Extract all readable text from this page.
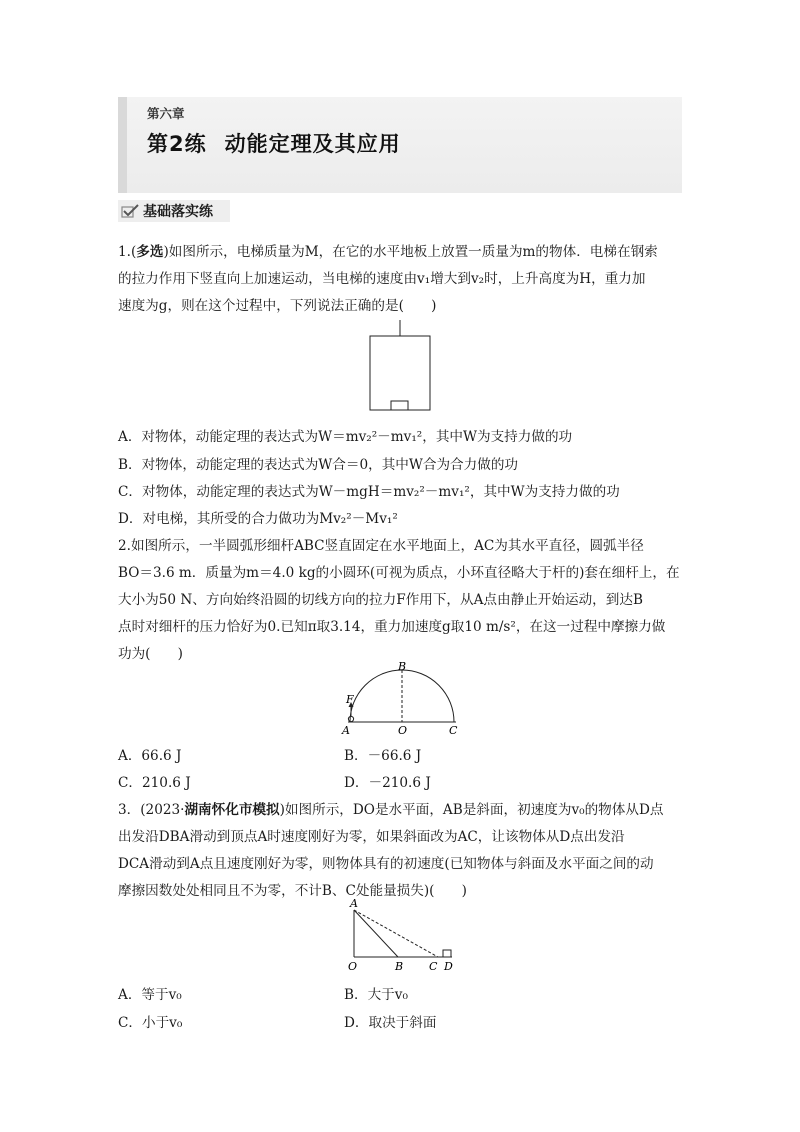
第六章
第2练 动能定理及其应用
基础落实练
1.(多选)如图所示，电梯质量为M，在它的水平地板上放置一质量为m的物体．电梯在钢索
的拉力作用下竖直向上加速运动，当电梯的速度由v₁增大到v₂时，上升高度为H，重力加
速度为g，则在这个过程中，下列说法正确的是(　　)
A．对物体，动能定理的表达式为W＝mv₂²－mv₁²，其中W为支持力做的功
B．对物体，动能定理的表达式为W合＝0，其中W合为合力做的功
C．对物体，动能定理的表达式为W－mgH＝mv₂²－mv₁²，其中W为支持力做的功
D．对电梯，其所受的合力做功为Mv₂²－Mv₁²
2.如图所示，一半圆弧形细杆ABC竖直固定在水平地面上，AC为其水平直径，圆弧半径
BO＝3.6 m．质量为m＝4.0 kg的小圆环(可视为质点，小环直径略大于杆的)套在细杆上，在
大小为50 N、方向始终沿圆的切线方向的拉力F作用下，从A点由静止开始运动，到达B
点时对细杆的压力恰好为0.已知π取3.14，重力加速度g取10 m/s²，在这一过程中摩擦力做
功为(　　)
F
B
A	O	C
A．66.6 J	B．－66.6 J
C．210.6 J	D．－210.6 J
3．(2023·湖南怀化市模拟)如图所示，DO是水平面，AB是斜面，初速度为v₀的物体从D点
出发沿DBA滑动到顶点A时速度刚好为零，如果斜面改为AC，让该物体从D点出发沿
DCA滑动到A点且速度刚好为零，则物体具有的初速度(已知物体与斜面及水平面之间的动
摩擦因数处处相同且不为零，不计B、C处能量损失)(　　)
A
O	B C D
A．等于v₀	B．大于v₀
C．小于v₀	D．取决于斜面
